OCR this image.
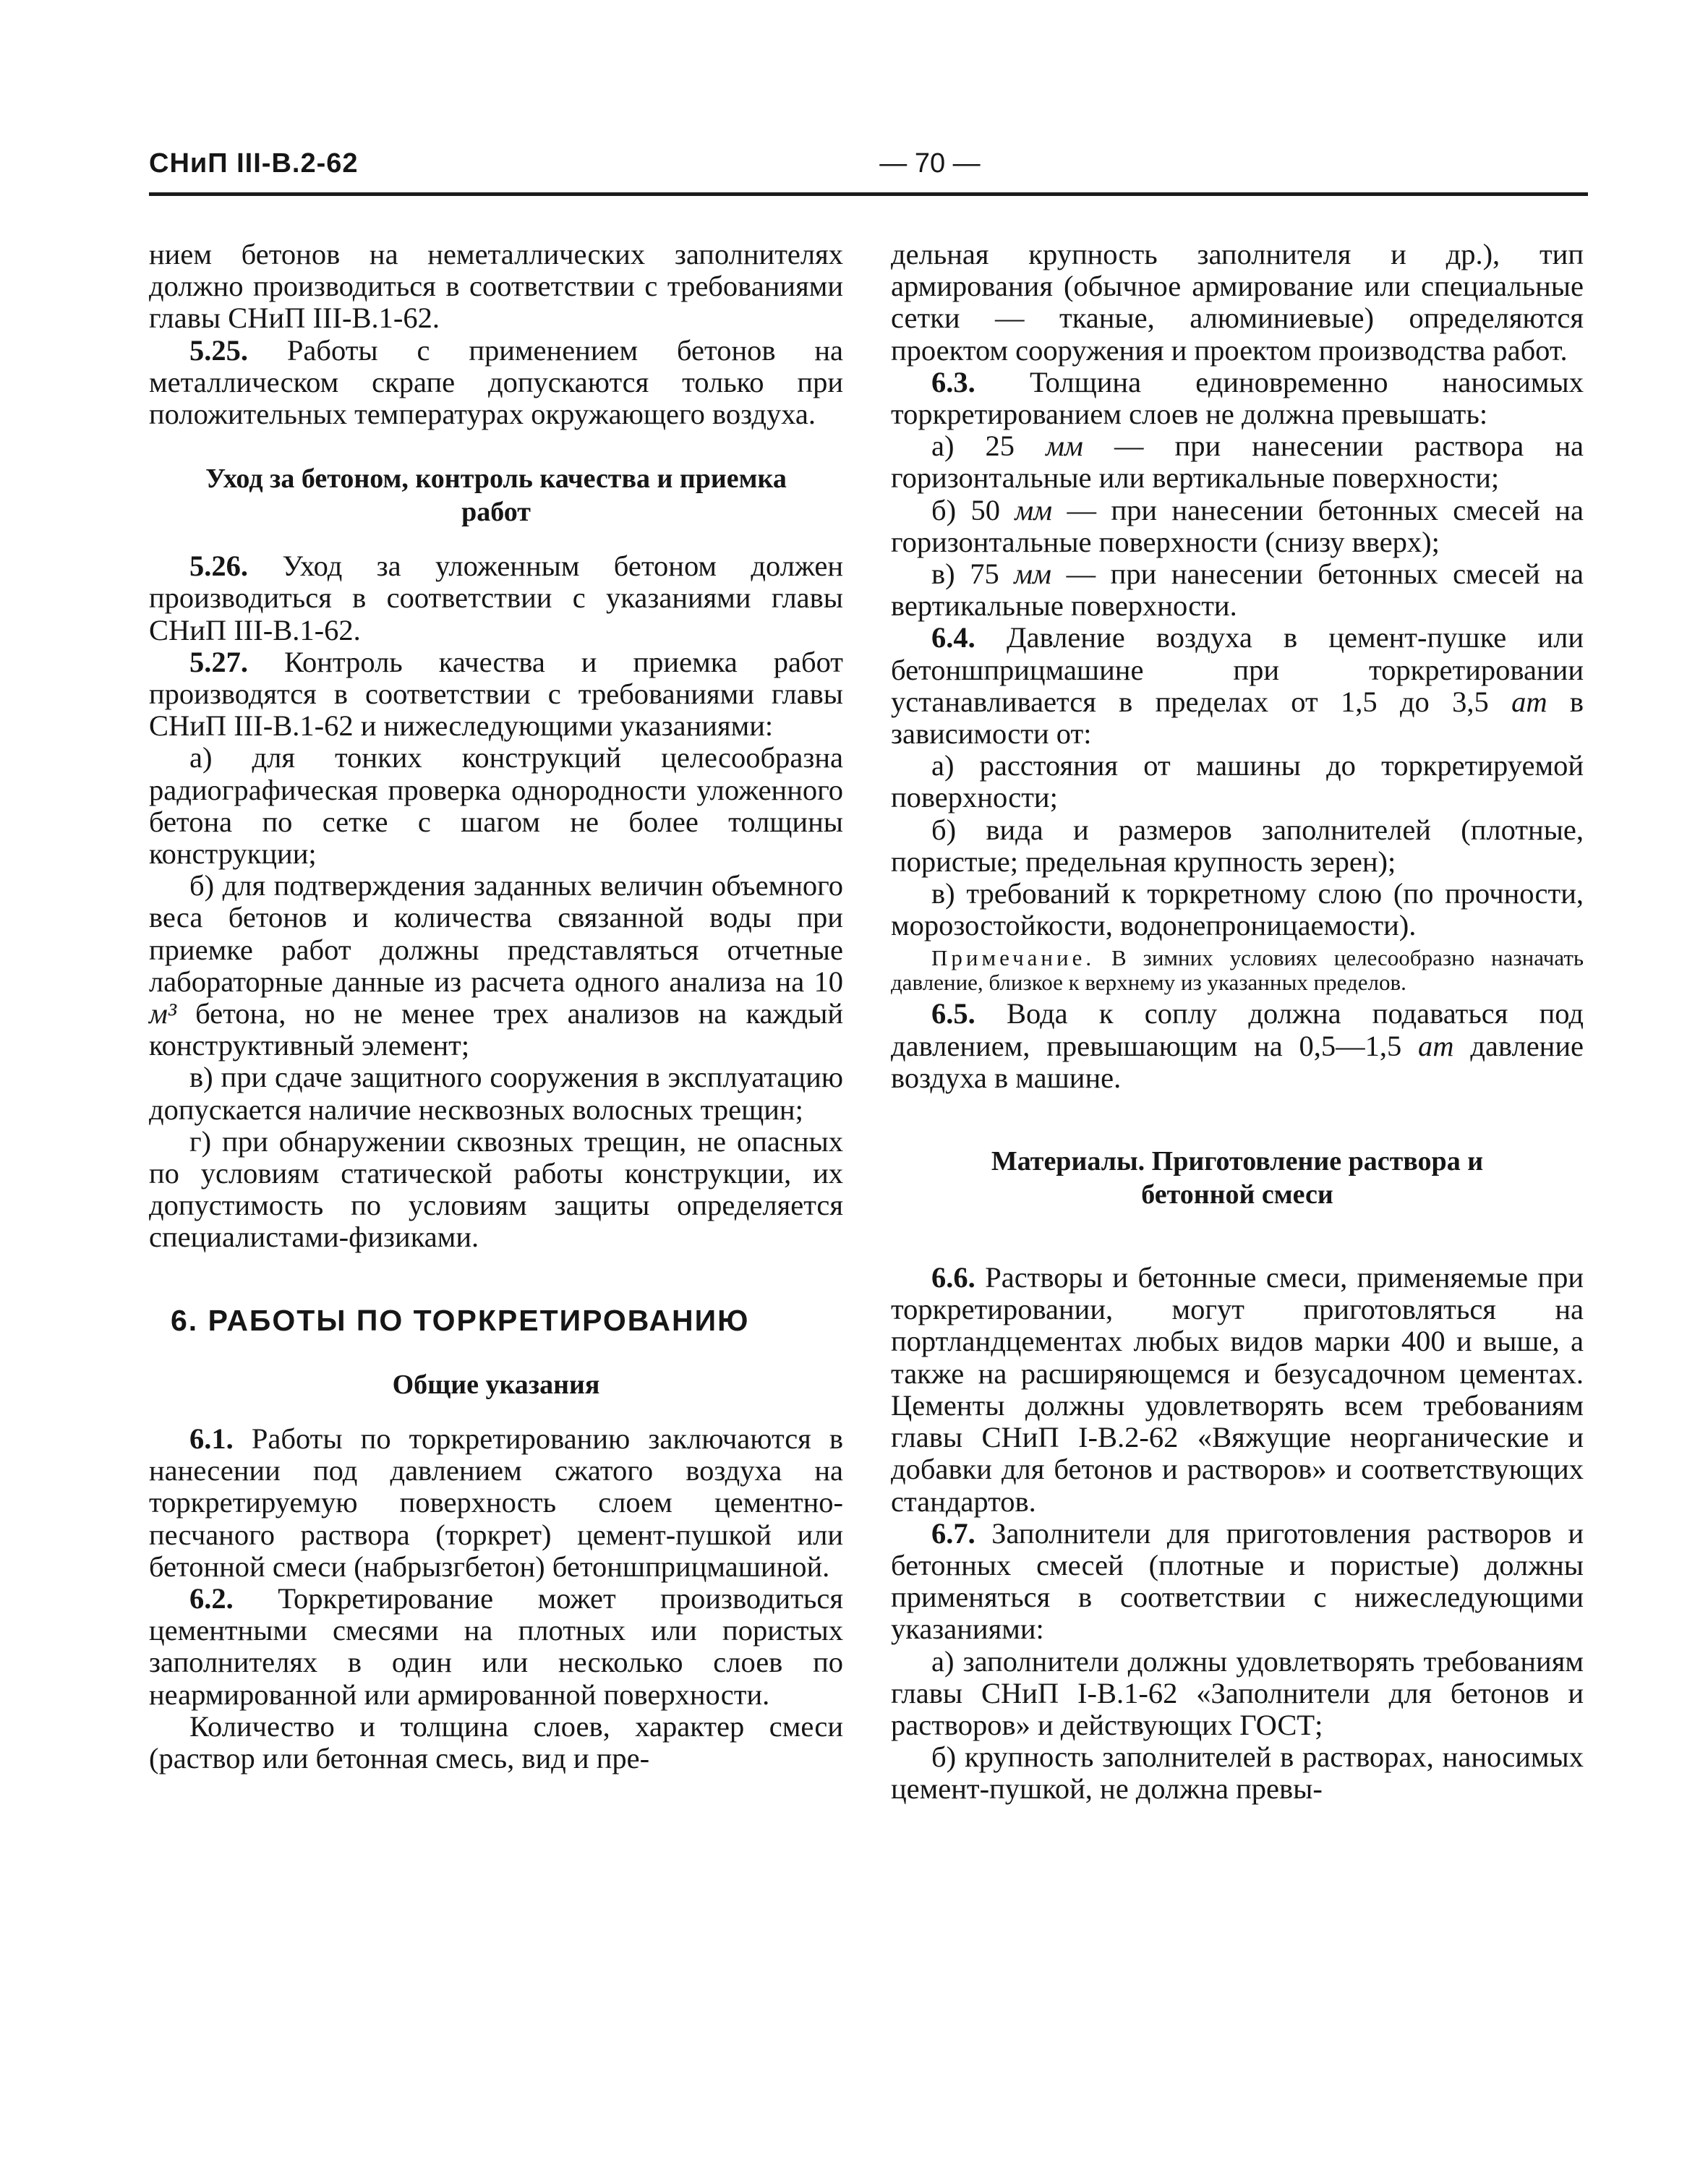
СНиП III-В.2-62	— 70 —

нием бетонов на неметаллических заполнителях должно производиться в соответствии с требованиями главы СНиП III-В.1-62.

5.25. Работы с применением бетонов на металлическом скрапе допускаются только при положительных температурах окружающего воздуха.

Уход за бетоном, контроль качества и приемка работ

5.26. Уход за уложенным бетоном должен производиться в соответствии с указаниями главы СНиП III-В.1-62.

5.27. Контроль качества и приемка работ производятся в соответствии с требованиями главы СНиП III-В.1-62 и нижеследующими указаниями:

а) для тонких конструкций целесообразна радиографическая проверка однородности уложенного бетона по сетке с шагом не более толщины конструкции;

б) для подтверждения заданных величин объемного веса бетонов и количества связанной воды при приемке работ должны представляться отчетные лабораторные данные из расчета одного анализа на 10 м³ бетона, но не менее трех анализов на каждый конструктивный элемент;

в) при сдаче защитного сооружения в эксплуатацию допускается наличие несквозных волосных трещин;

г) при обнаружении сквозных трещин, не опасных по условиям статической работы конструкции, их допустимость по условиям защиты определяется специалистами-физиками.

6. РАБОТЫ ПО ТОРКРЕТИРОВАНИЮ

Общие указания

6.1. Работы по торкретированию заключаются в нанесении под давлением сжатого воздуха на торкретируемую поверхность слоем цементно-песчаного раствора (торкрет) цемент-пушкой или бетонной смеси (набрызгбетон) бетоншприцмашиной.

6.2. Торкретирование может производиться цементными смесями на плотных или пористых заполнителях в один или несколько слоев по неармированной или армированной поверхности.

Количество и толщина слоев, характер смеси (раствор или бетонная смесь, вид и пре-

дельная крупность заполнителя и др.), тип армирования (обычное армирование или специальные сетки — тканые, алюминиевые) определяются проектом сооружения и проектом производства работ.

6.3. Толщина единовременно наносимых торкретированием слоев не должна превышать:

а) 25 мм — при нанесении раствора на горизонтальные или вертикальные поверхности;

б) 50 мм — при нанесении бетонных смесей на горизонтальные поверхности (снизу вверх);

в) 75 мм — при нанесении бетонных смесей на вертикальные поверхности.

6.4. Давление воздуха в цемент-пушке или бетоншприцмашине при торкретировании устанавливается в пределах от 1,5 до 3,5 ат в зависимости от:

а) расстояния от машины до торкретируемой поверхности;

б) вида и размеров заполнителей (плотные, пористые; предельная крупность зерен);

в) требований к торкретному слою (по прочности, морозостойкости, водонепроницаемости).

Примечание. В зимних условиях целесообразно назначать давление, близкое к верхнему из указанных пределов.

6.5. Вода к соплу должна подаваться под давлением, превышающим на 0,5—1,5 ат давление воздуха в машине.

Материалы. Приготовление раствора и бетонной смеси

6.6. Растворы и бетонные смеси, применяемые при торкретировании, могут приготовляться на портландцементах любых видов марки 400 и выше, а также на расширяющемся и безусадочном цементах. Цементы должны удовлетворять всем требованиям главы СНиП I-В.2-62 «Вяжущие неорганические и добавки для бетонов и растворов» и соответствующих стандартов.

6.7. Заполнители для приготовления растворов и бетонных смесей (плотные и пористые) должны применяться в соответствии с нижеследующими указаниями:

а) заполнители должны удовлетворять требованиям главы СНиП I-В.1-62 «Заполнители для бетонов и растворов» и действующих ГОСТ;

б) крупность заполнителей в растворах, наносимых цемент-пушкой, не должна превы-
